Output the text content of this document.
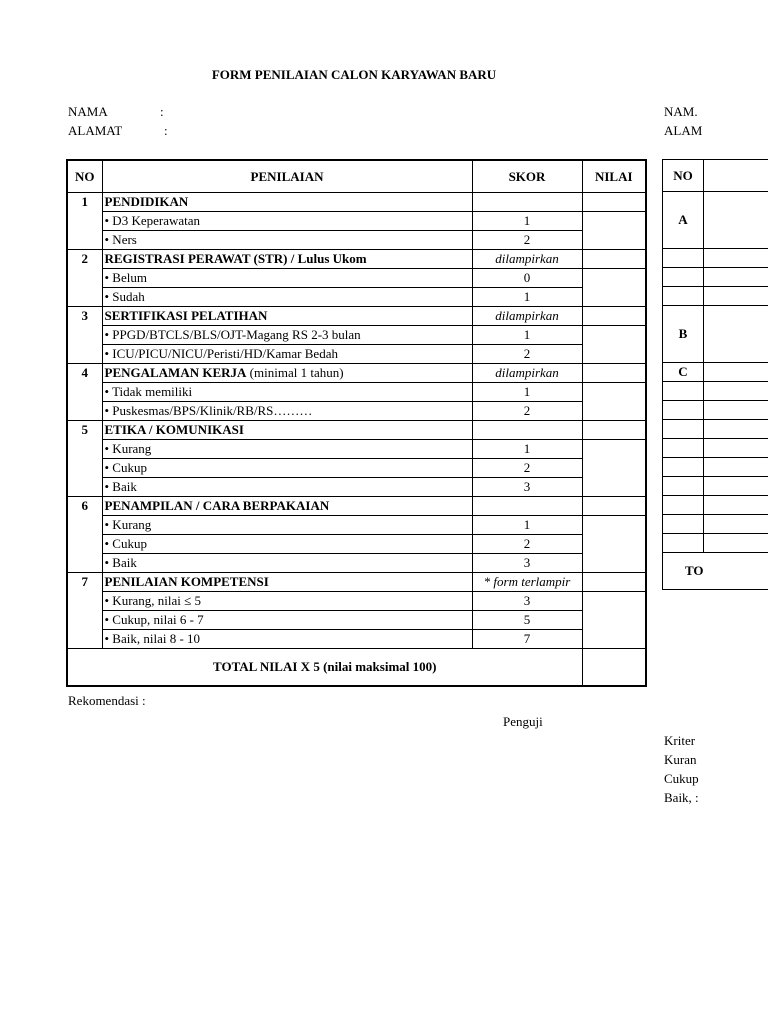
FORM PENILAIAN CALON KARYAWAN BARU
NAMA	:
ALAMAT	:
NAM.
ALAM
NO	PENILAIAN	SKOR	NILAI
1	PENDIDIKAN		
	• D3 Keperawatan	1	
	• Ners	2	
2	REGISTRASI PERAWAT (STR) / Lulus Ukom	dilampirkan	
	• Belum	0	
	• Sudah	1	
3	SERTIFIKASI PELATIHAN	dilampirkan	
	• PPGD/BTCLS/BLS/OJT-Magang RS 2-3 bulan	1	
	• ICU/PICU/NICU/Peristi/HD/Kamar Bedah	2	
4	PENGALAMAN KERJA (minimal 1 tahun)	dilampirkan	
	• Tidak memiliki	1	
	• Puskesmas/BPS/Klinik/RB/RS………	2	
5	ETIKA / KOMUNIKASI		
	• Kurang	1	
	• Cukup	2	
	• Baik	3	
6	PENAMPILAN / CARA BERPAKAIAN		
	• Kurang	1	
	• Cukup	2	
	• Baik	3	
7	PENILAIAN KOMPETENSI	* form terlampir	
	• Kurang, nilai ≤ 5	3	
	• Cukup, nilai 6 - 7	5	
	• Baik, nilai 8 - 10	7	
TOTAL NILAI X 5 (nilai maksimal 100)			
Rekomendasi :
Penguji
NO	
A	

B	
C	

TO	
Kriter
Kuran
Cukup
Baik, :
